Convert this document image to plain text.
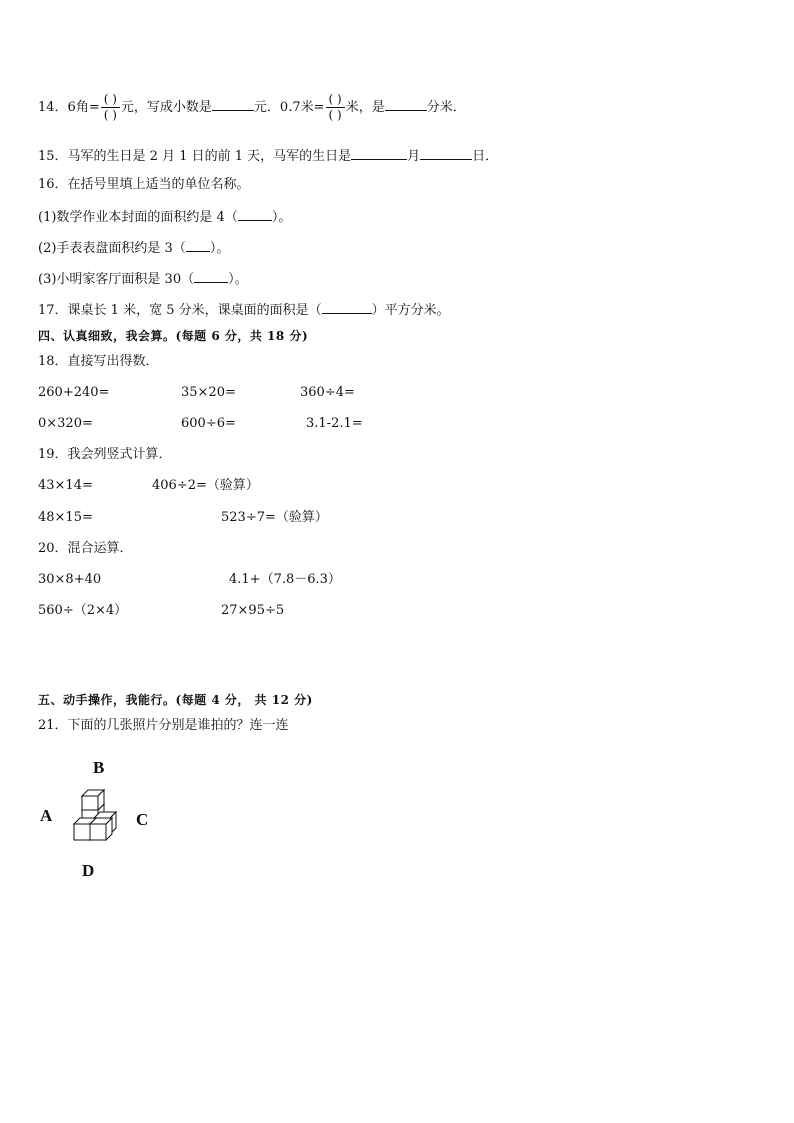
14．6角= $\frac{( )}{( )}$ 元，写成小数是	元．0.7米= $\frac{( )}{( )}$ 米，是	分米．
15．马军的生日是 2 月 1 日的前 1 天，马军的生日是	月	日．
16．在括号里填上适当的单位名称。
(1)数学作业本封面的面积约是 4（	）。
(2)手表表盘面积约是 3（ ）。
(3)小明家客厅面积是 30（	）。
17．课桌长 1 米，宽 5 分米，课桌面的面积是（	）平方分米。
四、认真细致，我会算。(每题 6 分，共 18 分)
18．直接写出得数．
260+240=	35×20=	360÷4=
0×320=	600÷6=	3.1-2.1=
19．我会列竖式计算．
43×14=	406÷2=（验算）
48×15=	523÷7=（验算）
20．混合运算．
30×8+40	4.1+（7.8－6.3）
560÷（2×4）	27×95÷5
五、动手操作，我能行。(每题 4 分， 共 12 分)
21．下面的几张照片分别是谁拍的？连一连
B
A	C
D
